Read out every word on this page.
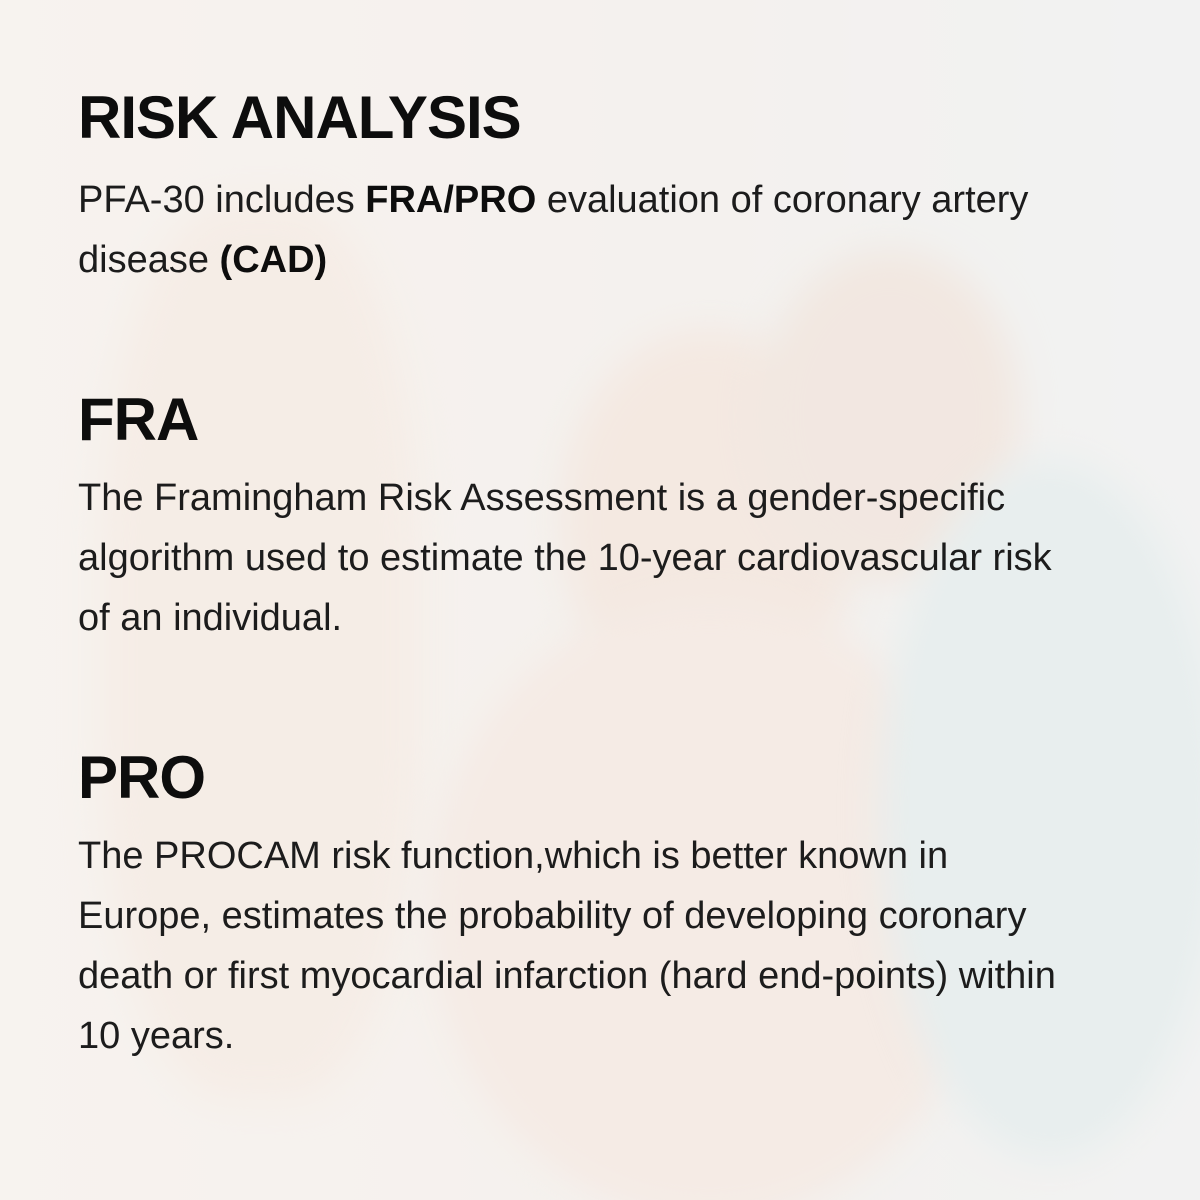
RISK ANALYSIS

PFA-30 includes FRA/PRO evaluation of coronary artery disease (CAD)

FRA

The Framingham Risk Assessment is a gender-specific algorithm used to estimate the 10-year cardiovascular risk of an individual.

PRO

The PROCAM risk function,which is better known in Europe, estimates the probability of developing coronary death or first myocardial infarction (hard end-points) within 10 years.
